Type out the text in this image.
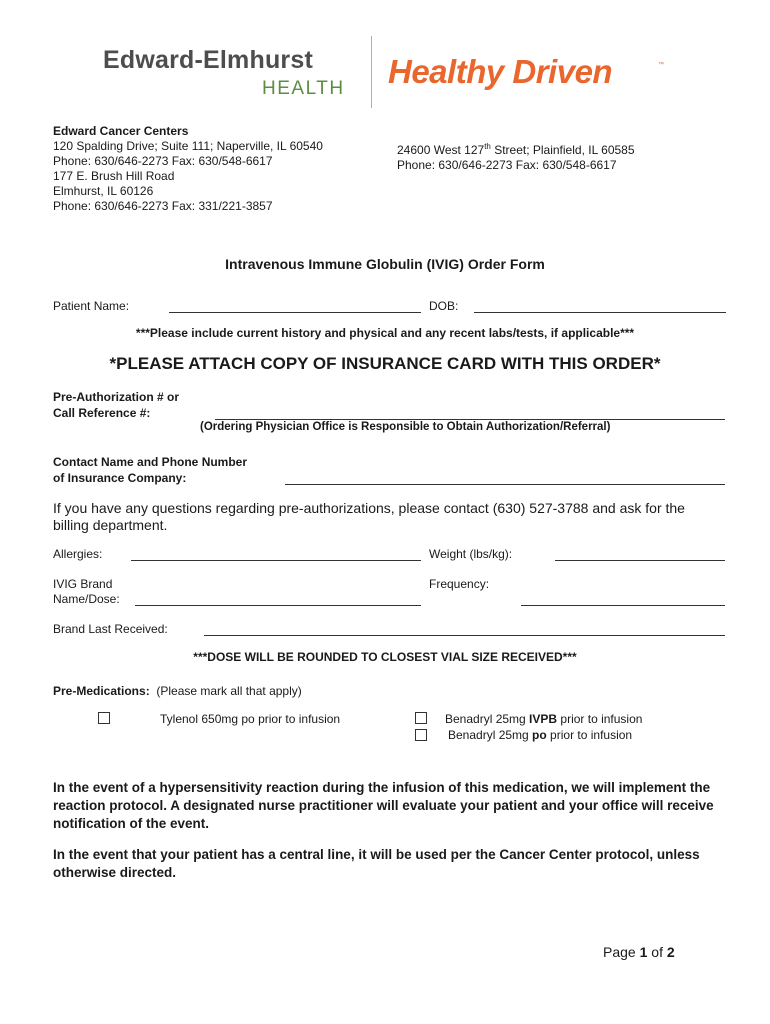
Edward-Elmhurst
HEALTH Healthy Driven	™
Edward Cancer Centers
120 Spalding Drive; Suite 111; Naperville, IL 60540
Phone: 630/646-2273 Fax: 630/548-6617
177 E. Brush Hill Road
Elmhurst, IL 60126
Phone: 630/646-2273 Fax: 331/221-3857
24600 West 127th Street; Plainfield, IL 60585
Phone: 630/646-2273 Fax: 630/548-6617
Intravenous Immune Globulin (IVIG) Order Form
Patient Name:	DOB:
***Please include current history and physical and any recent labs/tests, if applicable***
*PLEASE ATTACH COPY OF INSURANCE CARD WITH THIS ORDER*
Pre-Authorization # or
Call Reference #:
(Ordering Physician Office is Responsible to Obtain Authorization/Referral)
Contact Name and Phone Number
of Insurance Company:
If you have any questions regarding pre-authorizations, please contact (630) 527-3788 and ask for the billing department.
Allergies:	Weight (lbs/kg):
IVIG Brand
Name/Dose:
Frequency:
Brand Last Received:
***DOSE WILL BE ROUNDED TO CLOSEST VIAL SIZE RECEIVED***
Pre-Medications: (Please mark all that apply)
Tylenol 650mg po prior to infusion	Benadryl 25mg IVPB prior to infusion
Benadryl 25mg po prior to infusion
In the event of a hypersensitivity reaction during the infusion of this medication, we will implement the reaction protocol. A designated nurse practitioner will evaluate your patient and your office will receive notification of the event.
In the event that your patient has a central line, it will be used per the Cancer Center protocol, unless otherwise directed.
Page 1 of 2
